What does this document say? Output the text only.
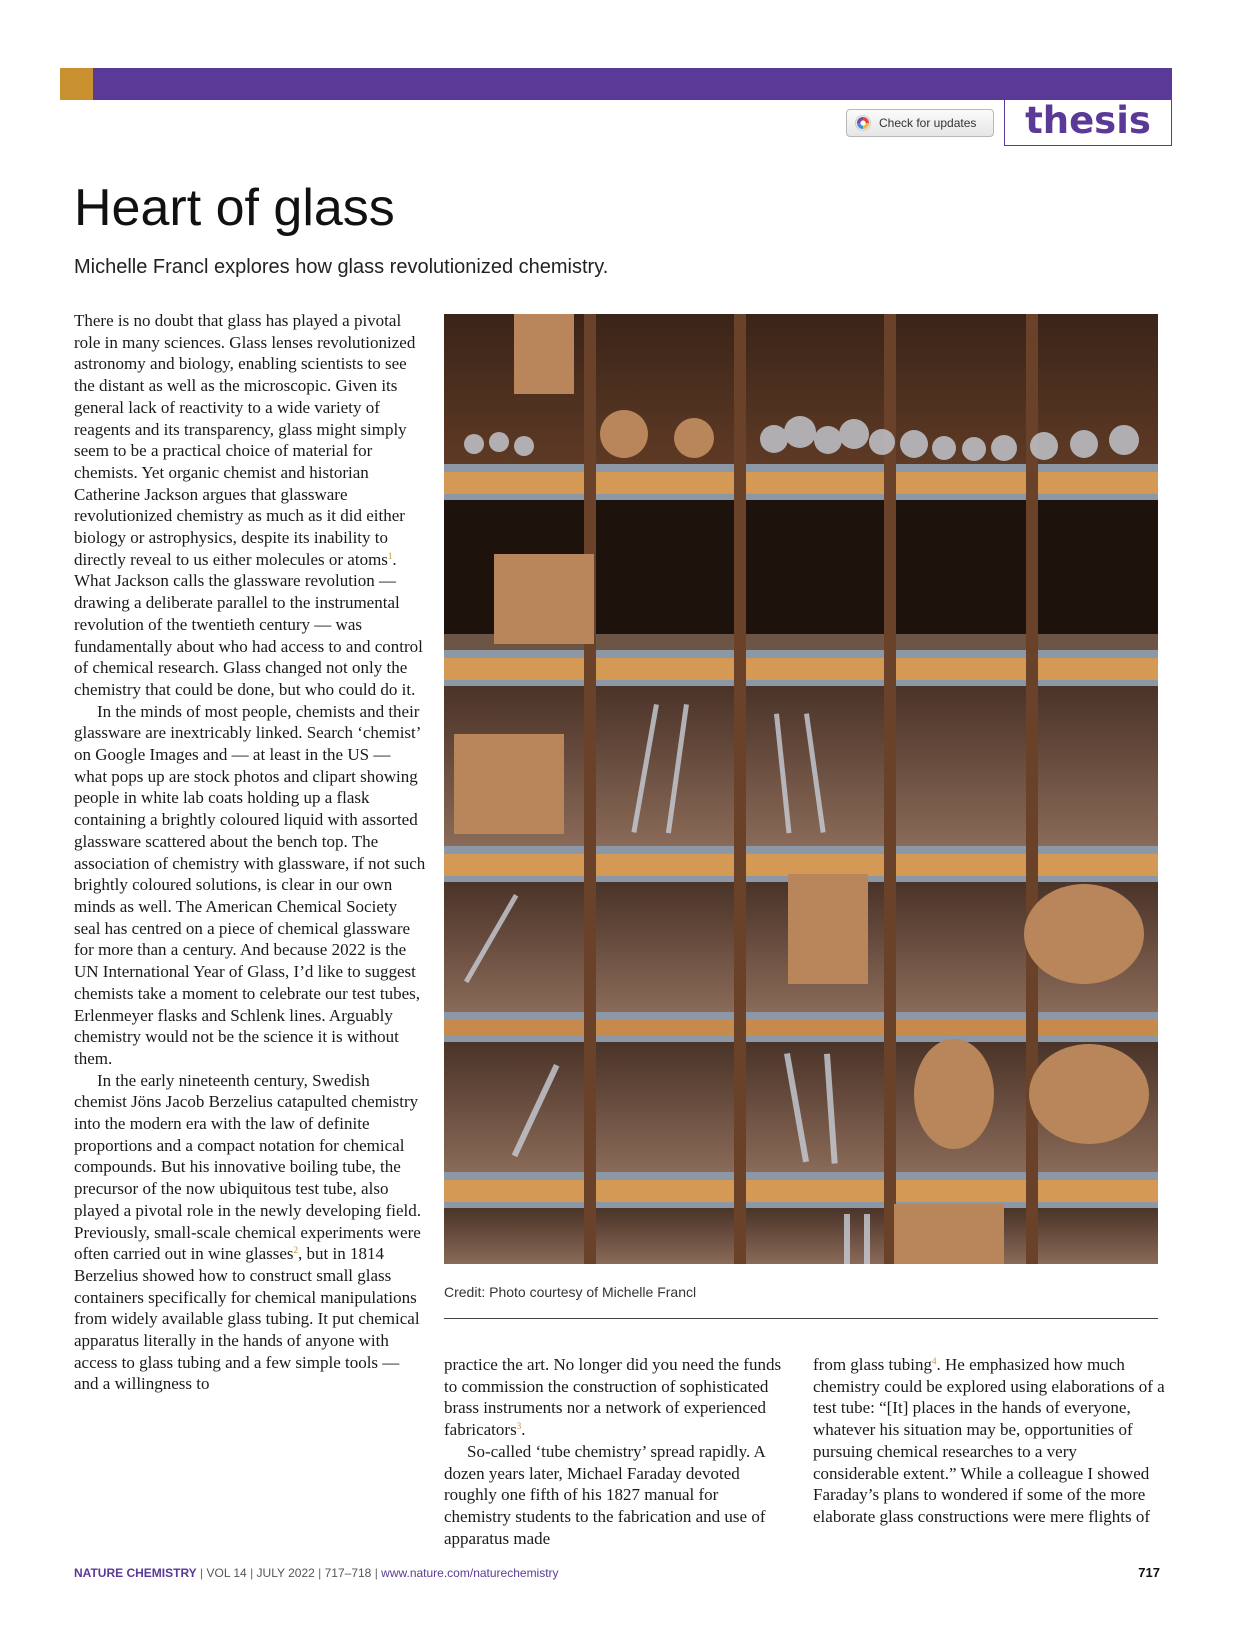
Check for updates	thesis
Heart of glass

Michelle Francl explores how glass revolutionized chemistry.

There is no doubt that glass has played a pivotal role in many sciences. Glass lenses revolutionized astronomy and biology, enabling scientists to see the distant as well as the microscopic. Given its general lack of reactivity to a wide variety of reagents and its transparency, glass might simply seem to be a practical choice of material for chemists. Yet organic chemist and historian Catherine Jackson argues that glassware revolutionized chemistry as much as it did either biology or astrophysics, despite its inability to directly reveal to us either molecules or atoms$^1$. What Jackson calls the glassware revolution — drawing a deliberate parallel to the instrumental revolution of the twentieth century — was fundamentally about who had access to and control of chemical research. Glass changed not only the chemistry that could be done, but who could do it.

In the minds of most people, chemists and their glassware are inextricably linked. Search ‘chemist’ on Google Images and — at least in the US — what pops up are stock photos and clipart showing people in white lab coats holding up a flask containing a brightly coloured liquid with assorted glassware scattered about the bench top. The association of chemistry with glassware, if not such brightly coloured solutions, is clear in our own minds as well. The American Chemical Society seal has centred on a piece of chemical glassware for more than a century. And because 2022 is the UN International Year of Glass, I’d like to suggest chemists take a moment to celebrate our test tubes, Erlenmeyer flasks and Schlenk lines. Arguably chemistry would not be the science it is without them.

In the early nineteenth century, Swedish chemist Jöns Jacob Berzelius catapulted chemistry into the modern era with the law of definite proportions and a compact notation for chemical compounds. But his innovative boiling tube, the precursor of the now ubiquitous test tube, also played a pivotal role in the newly developing field. Previously, small-scale chemical experiments were often carried out in wine glasses$^2$, but in 1814 Berzelius showed how to construct small glass containers specifically for chemical manipulations from widely available glass tubing. It put chemical apparatus literally in the hands of anyone with access to glass tubing and a few simple tools — and a willingness to

Credit: Photo courtesy of Michelle Francl

practice the art. No longer did you need the funds to commission the construction of sophisticated brass instruments nor a network of experienced fabricators$^3$.

So-called ‘tube chemistry’ spread rapidly. A dozen years later, Michael Faraday devoted roughly one fifth of his 1827 manual for chemistry students to the fabrication and use of apparatus made

from glass tubing$^4$. He emphasized how much chemistry could be explored using elaborations of a test tube: “[It] places in the hands of everyone, whatever his situation may be, opportunities of pursuing chemical researches to a very considerable extent.” While a colleague I showed Faraday’s plans to wondered if some of the more elaborate glass constructions were mere flights of

NATURE CHEMISTRY | VOL 14 | JULY 2022 | 717–718 | www.nature.com/naturechemistry	717
